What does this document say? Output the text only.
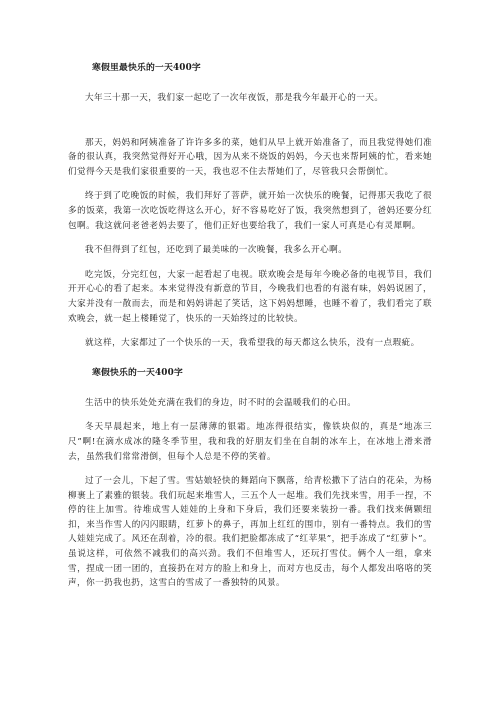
寒假里最快乐的一天400字

大年三十那一天，我们家一起吃了一次年夜饭，那是我今年最开心的一天。

那天，妈妈和阿姨准备了许许多多的菜，她们从早上就开始准备了，而且我觉得她们准备的很认真，我突然觉得好开心哦，因为从来不烧饭的妈妈，今天也来帮阿姨的忙，看来她们觉得今天是我们家很重要的一天，我也忍不住去帮她们了，尽管我只会帮倒忙。

终于到了吃晚饭的时候，我们拜好了菩萨，就开始一次快乐的晚餐，记得那天我吃了很多的饭菜，我第一次吃饭吃得这么开心，好不容易吃好了饭，我突然想到了，爸妈还要分红包啊。我这就问老爸老妈去要了，他们正好也要给我了，我们一家人可真是心有灵犀啊。

我不但得到了红包，还吃到了最美味的一次晚餐，我多么开心啊。

吃完饭，分完红包，大家一起看起了电视。联欢晚会是每年今晚必备的电视节目，我们开开心心的看了起来。本来觉得没有新意的节目，今晚我们也看的有滋有味，妈妈说困了，大家并没有一散而去，而是和妈妈讲起了笑话，这下妈妈想睡，也睡不着了，我们看完了联欢晚会，就一起上楼睡觉了，快乐的一天始终过的比较快。

就这样，大家都过了一个快乐的一天，我希望我的每天都这么快乐，没有一点瑕疵。

寒假快乐的一天400字

生活中的快乐处处充满在我们的身边，时不时的会温暖我们的心田。

冬天早晨起来，地上有一层薄薄的银霜。地冻得很结实，像铁块似的，真是“地冻三尺”啊!在滴水成冰的隆冬季节里，我和我的好朋友们坐在自制的冰车上，在冰地上滑来滑去，虽然我们常常滑倒，但每个人总是不停的笑着。

过了一会儿，下起了雪。雪姑娘轻快的舞蹈向下飘落，给青松撒下了洁白的花朵，为杨柳裹上了素雅的银装。我们玩起来堆雪人，三五个人一起堆。我们先找来雪，用手一捏，不停的往上加雪。待堆成雪人娃娃的上身和下身后，我们还要来装扮一番。我们找来俩颗纽扣，来当作雪人的闪闪眼睛，红萝卜的鼻子，再加上红红的围巾，别有一番特点。我们的雪人娃娃完成了。风还在刮着，冷的很。我们把脸都冻成了“红苹果”，把手冻成了“红萝卜”。虽说这样，可依然不减我们的高兴劲。我们不但堆雪人，还玩打雪仗。俩个人一组，拿来雪，捏成一团一团的，直接扔在对方的脸上和身上，而对方也反击，每个人都发出咯咯的笑声，你一扔我也扔，这雪白的雪成了一番独特的风景。
